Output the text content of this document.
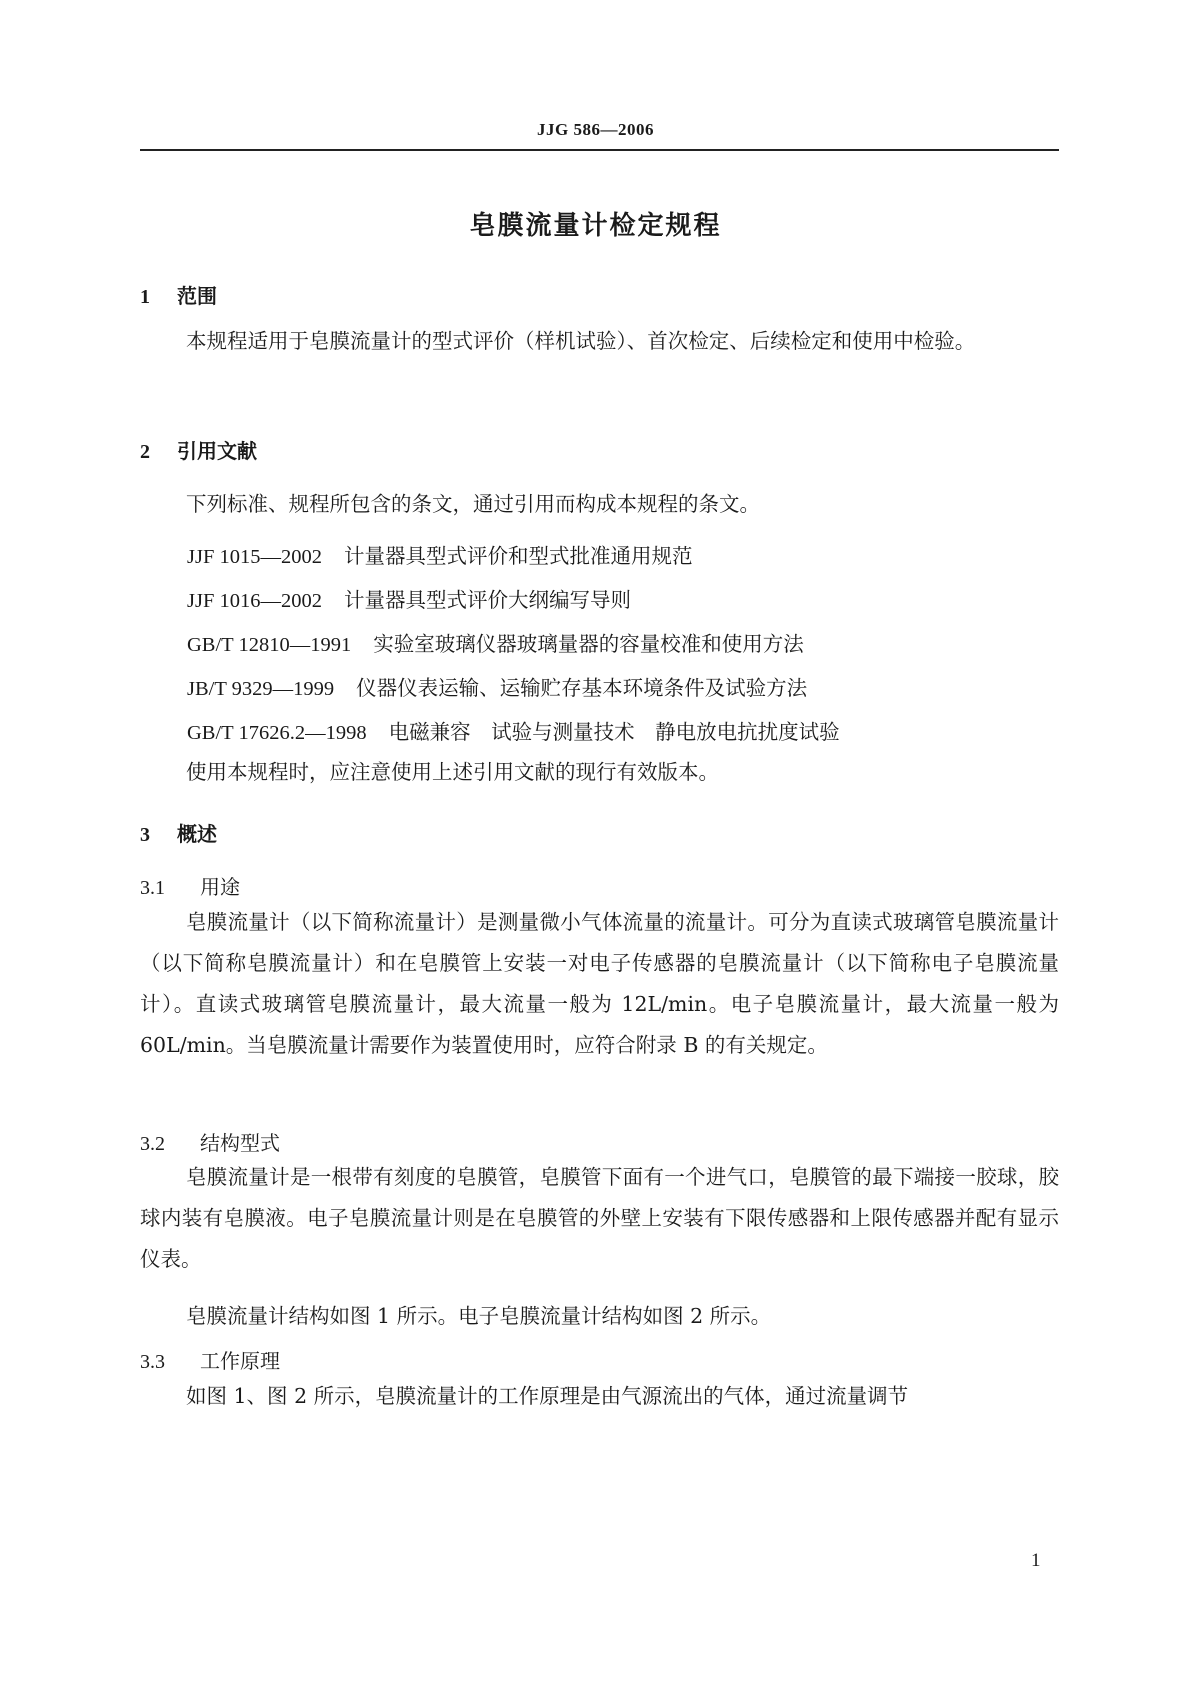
JJG 586—2006
皂膜流量计检定规程
1 范围

本规程适用于皂膜流量计的型式评价（样机试验）、首次检定、后续检定和使用中检验。

2 引用文献

下列标准、规程所包含的条文，通过引用而构成本规程的条文。

JJF 1015—2002 计量器具型式评价和型式批准通用规范
JJF 1016—2002 计量器具型式评价大纲编写导则
GB/T 12810—1991 实验室玻璃仪器玻璃量器的容量校准和使用方法
JB/T 9329—1999 仪器仪表运输、运输贮存基本环境条件及试验方法
GB/T 17626.2—1998 电磁兼容　试验与测量技术　静电放电抗扰度试验

使用本规程时，应注意使用上述引用文献的现行有效版本。

3 概述
3.1 用途

皂膜流量计（以下简称流量计）是测量微小气体流量的流量计。可分为直读式玻璃管皂膜流量计（以下简称皂膜流量计）和在皂膜管上安装一对电子传感器的皂膜流量计（以下简称电子皂膜流量计）。直读式玻璃管皂膜流量计，最大流量一般为 12L/min。电子皂膜流量计，最大流量一般为 60L/min。当皂膜流量计需要作为装置使用时，应符合附录 B 的有关规定。

3.2 结构型式

皂膜流量计是一根带有刻度的皂膜管，皂膜管下面有一个进气口，皂膜管的最下端接一胶球，胶球内装有皂膜液。电子皂膜流量计则是在皂膜管的外壁上安装有下限传感器和上限传感器并配有显示仪表。

皂膜流量计结构如图 1 所示。电子皂膜流量计结构如图 2 所示。

3.3 工作原理

如图 1、图 2 所示，皂膜流量计的工作原理是由气源流出的气体，通过流量调节

1
